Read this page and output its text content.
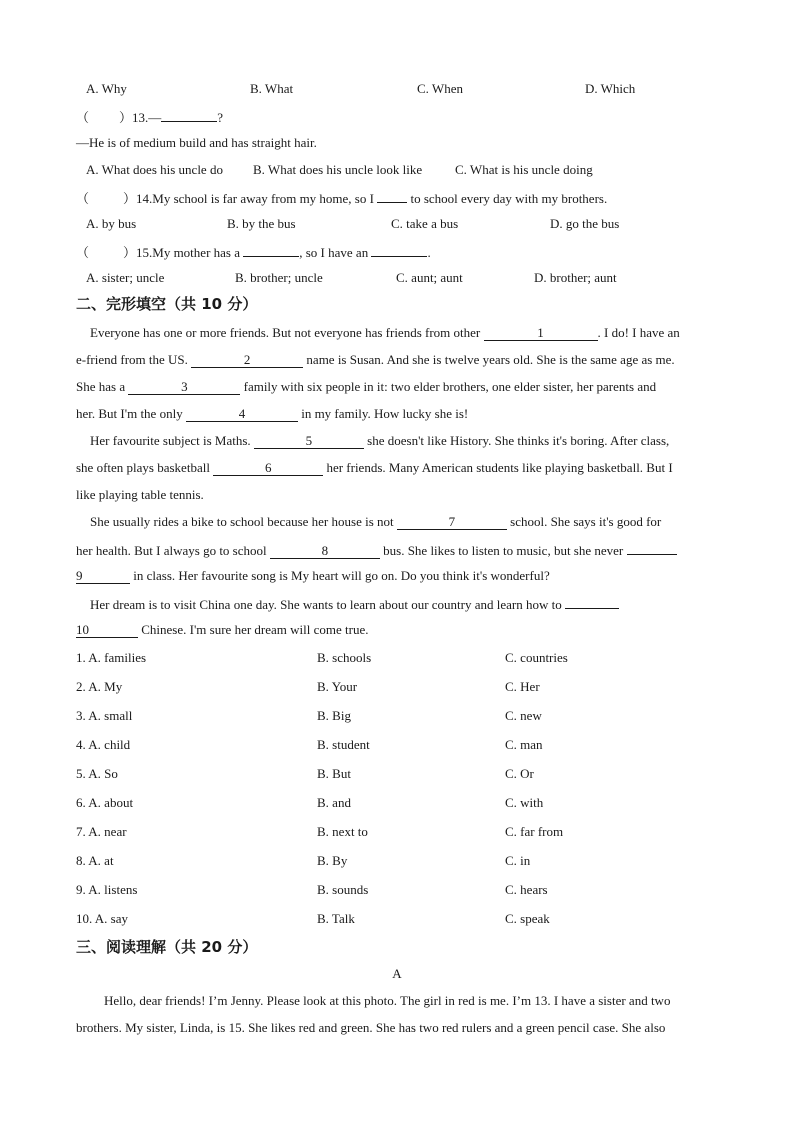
A. Why	B. What	C. When	D. Which
（ ）13.—	?
—He is of medium build and has straight hair.
A. What does his uncle do B. What does his uncle look like	C. What is his uncle doing
（	）14.My school is far away from my home, so I	to school every day with my brothers.
A. by bus	B. by the bus	C. take a bus	D. go the bus
（	）15.My mother has a	, so I have an	.
A. sister; uncle	B. brother; uncle	C. aunt; aunt	D. brother; aunt
二、完形填空（共 10 分）
Everyone has one or more friends. But not everyone has friends from other	1	. I do! I have an
e-friend from the US.	2	name is Susan. And she is twelve years old. She is the same age as me.
She has a	3	family with six people in it: two elder brothers, one elder sister, her parents and
her. But I'm the only	4	in my family. How lucky she is!
Her favourite subject is Maths.	5	she doesn't like History. She thinks it's boring. After class,
she often plays basketball	6	her friends. Many American students like playing basketball. But I
like playing table tennis.
She usually rides a bike to school because her house is not	7	school. She says it's good for
her health. But I always go to school	8	bus. She likes to listen to music, but she never
9	in class. Her favourite song is My heart will go on. Do you think it's wonderful?
Her dream is to visit China one day. She wants to learn about our country and learn how to
10	Chinese. I'm sure her dream will come true.
1. A. families	B. schools	C. countries
2. A. My	B. Your	C. Her
3. A. small	B. Big	C. new
4. A. child	B. student	C. man
5. A. So	B. But	C. Or
6. A. about	B. and	C. with
7. A. near	B. next to	C. far from
8. A. at	B. By	C. in
9. A. listens	B. sounds	C. hears
10. A. say	B. Talk	C. speak
三、阅读理解（共 20 分）
A
Hello, dear friends! I’m Jenny. Please look at this photo. The girl in red is me. I’m 13. I have a sister and two
brothers. My sister, Linda, is 15. She likes red and green. She has two red rulers and a green pencil case. She also
